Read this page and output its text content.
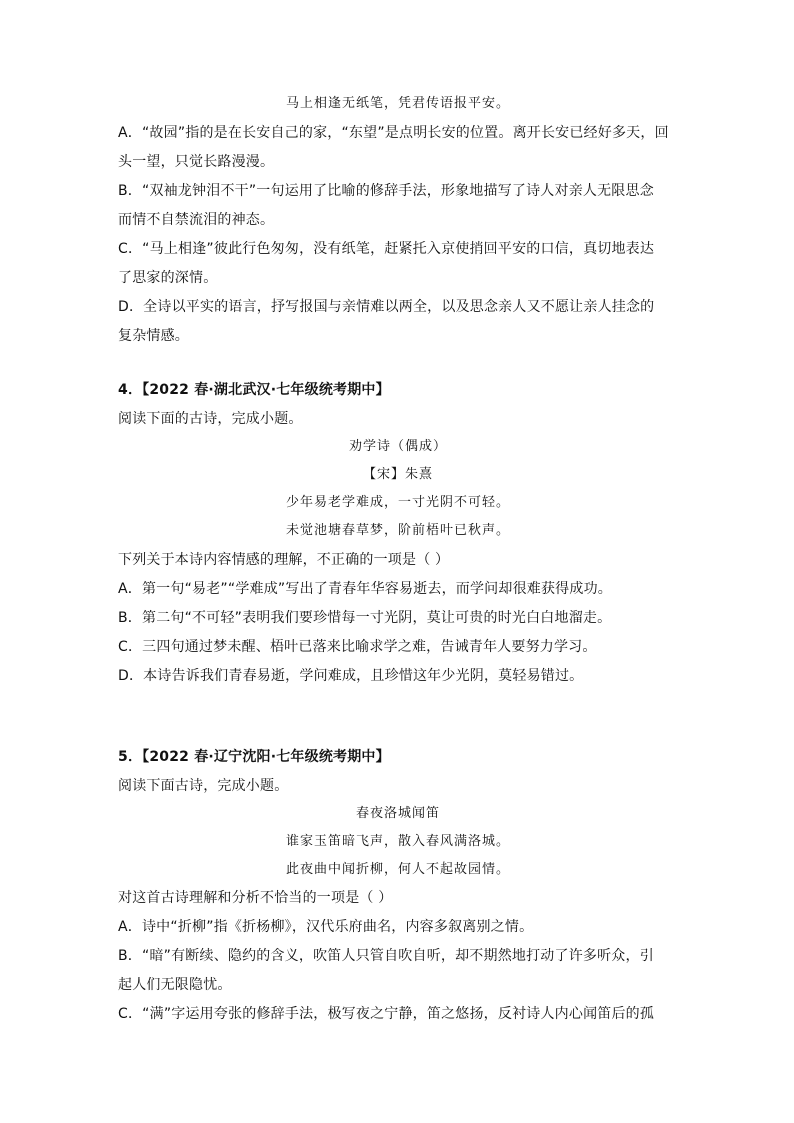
马上相逢无纸笔，凭君传语报平安。
A．“故园”指的是在长安自己的家，“东望”是点明长安的位置。离开长安已经好多天，回
头一望，只觉长路漫漫。
B．“双袖龙钟泪不干”一句运用了比喻的修辞手法，形象地描写了诗人对亲人无限思念
而情不自禁流泪的神态。
C．“马上相逢”彼此行色匆匆，没有纸笔，赶紧托入京使捎回平安的口信，真切地表达
了思家的深情。
D．全诗以平实的语言，抒写报国与亲情难以两全，以及思念亲人又不愿让亲人挂念的
复杂情感。
4．【2022 春·湖北武汉·七年级统考期中】
阅读下面的古诗，完成小题。
劝学诗（偶成）
【宋】朱熹
少年易老学难成，一寸光阴不可轻。
未觉池塘春草梦，阶前梧叶已秋声。
下列关于本诗内容情感的理解，不正确的一项是（ ）
A．第一句“易老”“学难成”写出了青春年华容易逝去，而学问却很难获得成功。
B．第二句“不可轻”表明我们要珍惜每一寸光阴，莫让可贵的时光白白地溜走。
C．三四句通过梦未醒、梧叶已落来比喻求学之难，告诫青年人要努力学习。
D．本诗告诉我们青春易逝，学问难成，且珍惜这年少光阴，莫轻易错过。
5．【2022 春·辽宁沈阳·七年级统考期中】
阅读下面古诗，完成小题。
春夜洛城闻笛
谁家玉笛暗飞声，散入春风满洛城。
此夜曲中闻折柳，何人不起故园情。
对这首古诗理解和分析不恰当的一项是（ ）
A．诗中“折柳”指《折杨柳》，汉代乐府曲名，内容多叙离别之情。
B．“暗”有断续、隐约的含义，吹笛人只管自吹自听，却不期然地打动了许多听众，引
起人们无限隐忧。
C．“满”字运用夸张的修辞手法，极写夜之宁静，笛之悠扬，反衬诗人内心闻笛后的孤
